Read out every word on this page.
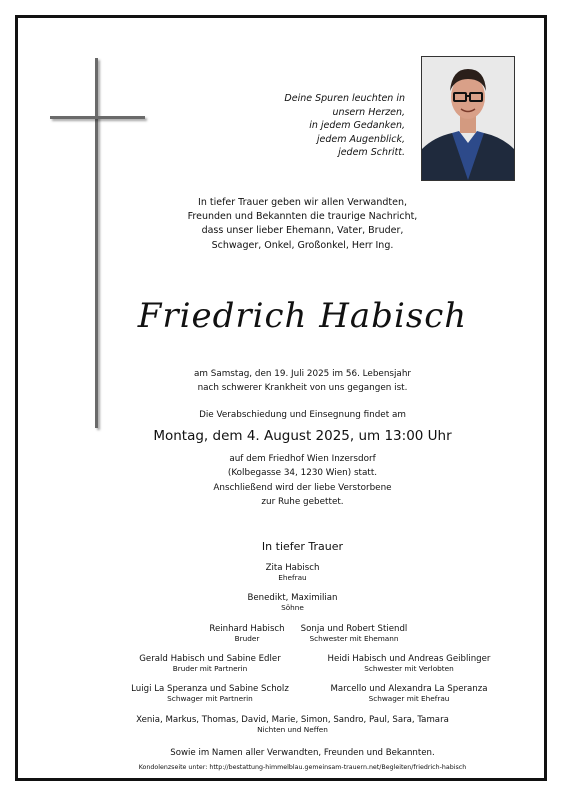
Deine Spuren leuchten in
unsern Herzen,
in jedem Gedanken,
jedem Augenblick,
jedem Schritt.
In tiefer Trauer geben wir allen Verwandten,
Freunden und Bekannten die traurige Nachricht,
dass unser lieber Ehemann, Vater, Bruder,
Schwager, Onkel, Großonkel, Herr Ing.
Friedrich Habisch
am Samstag, den 19. Juli 2025 im 56. Lebensjahr
nach schwerer Krankheit von uns gegangen ist.
Die Verabschiedung und Einsegnung findet am
Montag, dem 4. August 2025, um 13:00 Uhr
auf dem Friedhof Wien Inzersdorf
(Kolbegasse 34, 1230 Wien) statt.
Anschließend wird der liebe Verstorbene
zur Ruhe gebettet.
In tiefer Trauer
Zita Habisch
Ehefrau
Benedikt, Maximilian
Söhne
Reinhard Habisch
Bruder
Sonja und Robert Stiendl
Schwester mit Ehemann
Gerald Habisch und Sabine Edler
Bruder mit Partnerin
Heidi Habisch und Andreas Geiblinger
Schwester mit Verlobten
Luigi La Speranza und Sabine Scholz
Schwager mit Partnerin
Marcello und Alexandra La Speranza
Schwager mit Ehefrau
Xenia, Markus, Thomas, David, Marie, Simon, Sandro, Paul, Sara, Tamara
Nichten und Neffen
Sowie im Namen aller Verwandten, Freunden und Bekannten.
Kondolenzseite unter: http://bestattung-himmelblau.gemeinsam-trauern.net/Begleiten/friedrich-habisch
